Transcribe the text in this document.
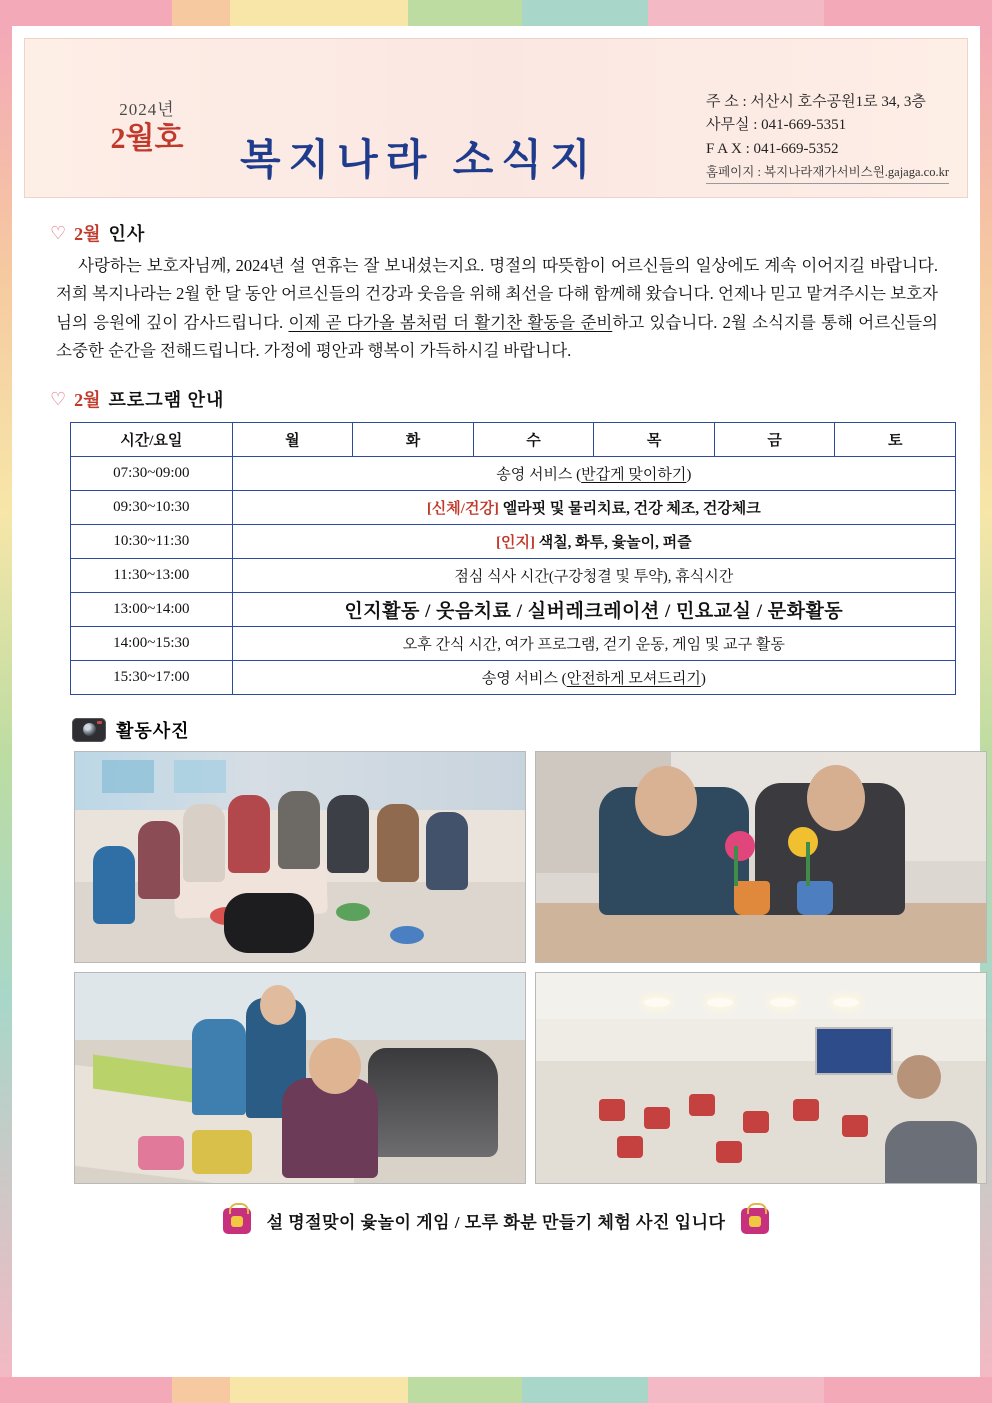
2024년
2월호	복지나라 소식지
주 소 : 서산시 호수공원1로 34, 3층
사무실 : 041-669-5351
F A X : 041-669-5352
홈페이지 : 복지나라재가서비스원.gajaga.co.kr
♡ 2월 인사

사랑하는 보호자님께, 2024년 설 연휴는 잘 보내셨는지요. 명절의 따뜻함이 어르신들의 일상에도 계속 이어지길 바랍니다. 저희 복지나라는 2월 한 달 동안 어르신들의 건강과 웃음을 위해 최선을 다해 함께해 왔습니다. 언제나 믿고 맡겨주시는 보호자님의 응원에 깊이 감사드립니다. 이제 곧 다가올 봄처럼 더 활기찬 활동을 준비하고 있습니다. 2월 소식지를 통해 어르신들의 소중한 순간을 전해드립니다. 가정에 평안과 행복이 가득하시길 바랍니다.

♡ 2월 프로그램 안내
시간/요일	월	화	수	목	금	토
07:30~09:00	송영 서비스 (반갑게 맞이하기)					
09:30~10:30	[신체/건강] 엘라핏 및 물리치료, 건강 체조, 건강체크					
10:30~11:30	[인지] 색칠, 화투, 윷놀이, 퍼즐					
11:30~13:00	점심 식사 시간(구강청결 및 투약), 휴식시간					
13:00~14:00	인지활동 / 웃음치료 / 실버레크레이션 / 민요교실 / 문화활동					
14:00~15:30	오후 간식 시간, 여가 프로그램, 걷기 운동, 게임 및 교구 활동					
15:30~17:00	송영 서비스 (안전하게 모셔드리기)					
활동사진
설 명절맞이 윷놀이 게임 / 모루 화분 만들기 체험 사진 입니다
